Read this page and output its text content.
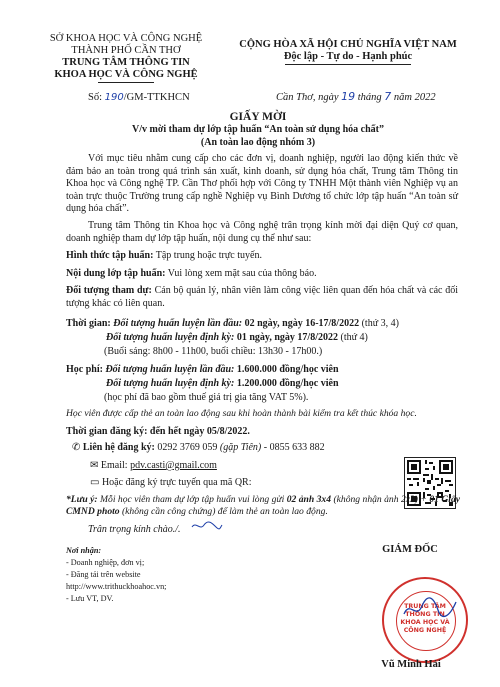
SỞ KHOA HỌC VÀ CÔNG NGHỆ
THÀNH PHỐ CẦN THƠ
TRUNG TÂM THÔNG TIN
KHOA HỌC VÀ CÔNG NGHỆ
Số: 190/GM-TTKHCN
CỘNG HÒA XÃ HỘI CHỦ NGHĨA VIỆT NAM
Độc lập - Tự do - Hạnh phúc
Cần Thơ, ngày 19 tháng 7 năm 2022
GIẤY MỜI
V/v mời tham dự lớp tập huấn “An toàn sử dụng hóa chất”
(An toàn lao động nhóm 3)
Với mục tiêu nhằm cung cấp cho các đơn vị, doanh nghiệp, người lao động kiến thức về đảm bảo an toàn trong quá trình sản xuất, kinh doanh, sử dụng hóa chất, Trung tâm Thông tin Khoa học và Công nghệ TP. Cần Thơ phối hợp với Công ty TNHH Một thành viên Nghiệp vụ an toàn trực thuộc Trường trung cấp nghề Nghiệp vụ Bình Dương tổ chức lớp tập huấn “An toàn sử dụng hóa chất”.
Trung tâm Thông tin Khoa học và Công nghệ trân trọng kính mời đại diện Quý cơ quan, doanh nghiệp tham dự lớp tập huấn, nội dung cụ thể như sau:
Hình thức tập huấn: Tập trung hoặc trực tuyến.
Nội dung lớp tập huấn: Vui lòng xem mặt sau của thông báo.
Đối tượng tham dự: Cán bộ quản lý, nhân viên làm công việc liên quan đến hóa chất và các đối tượng khác có liên quan.
Thời gian: Đối tượng huấn luyện lần đầu: 02 ngày, ngày 16-17/8/2022 (thứ 3, 4)
Đối tượng huấn luyện định kỳ: 01 ngày, ngày 17/8/2022 (thứ 4)
(Buổi sáng: 8h00 - 11h00, buổi chiều: 13h30 - 17h00.)
Học phí: Đối tượng huấn luyện lần đầu: 1.600.000 đồng/học viên
Đối tượng huấn luyện định kỳ: 1.200.000 đồng/học viên
(học phí đã bao gồm thuế giá trị gia tăng VAT 5%).
Học viên được cấp thẻ an toàn lao động sau khi hoàn thành bài kiểm tra kết thúc khóa học.
Thời gian đăng ký: đến hết ngày 05/8/2022.
✆ Liên hệ đăng ký: 0292 3769 059 (gặp Tiên) - 0855 633 882
✉ Email: pdv.casti@gmail.com
▭ Hoặc đăng ký trực tuyến qua mã QR:
*Lưu ý: Mỗi học viên tham dự lớp tập huấn vui lòng gửi 02 ảnh 3x4 (không nhận ảnh 2x3) + 01 Giấy CMND photo (không cần công chứng) để làm thẻ an toàn lao động.
Trân trọng kính chào./.
Nơi nhận:
- Doanh nghiệp, đơn vị;
- Đăng tải trên website
http://www.trithuckhoahoc.vn;
- Lưu VT, DV.
GIÁM ĐỐC
TRUNG TÂM
THÔNG TIN
KHOA HỌC VÀ
CÔNG NGHỆ
Vũ Minh Hải
